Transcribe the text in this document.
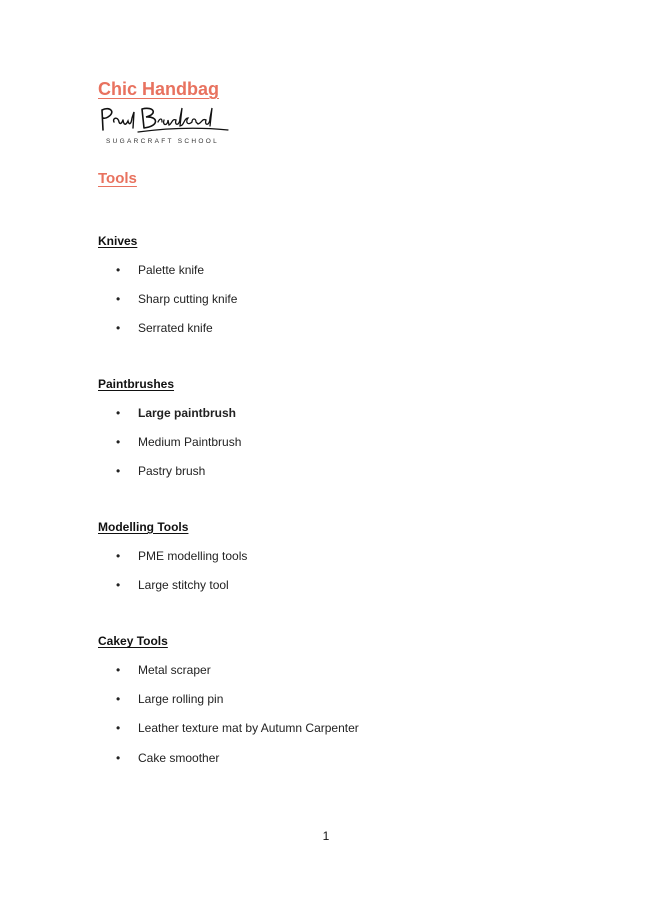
Chic Handbag
SUGARCRAFT SCHOOL
Tools
Knives
• Palette knife
• Sharp cutting knife
• Serrated knife
Paintbrushes
• Large paintbrush
• Medium Paintbrush
• Pastry brush
Modelling Tools
• PME modelling tools
• Large stitchy tool
Cakey Tools
• Metal scraper
• Large rolling pin
• Leather texture mat by Autumn Carpenter
• Cake smoother
1
